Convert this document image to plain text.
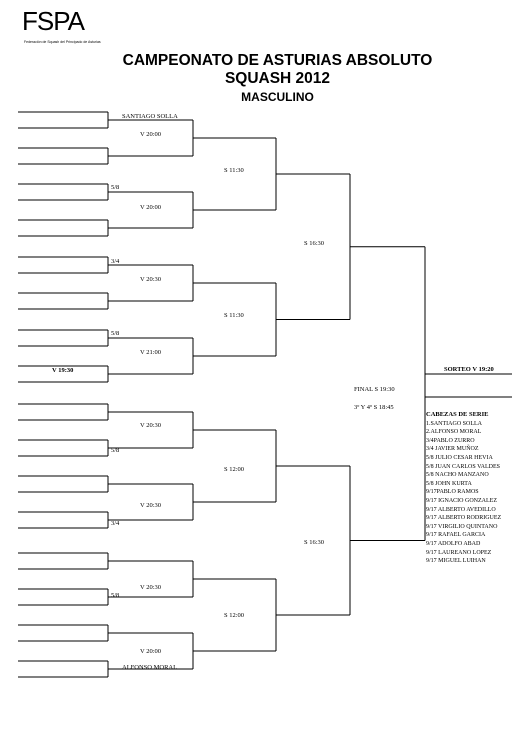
FSPA
Federación de Squash del Principado de Asturias
CAMPEONATO DE ASTURIAS ABSOLUTO
SQUASH 2012
MASCULINO
SANTIAGO SOLLA
5/8
3/4
5/8
V 19:30
5/8
3/4
5/8
ALFONSO MORAL
V 20:00
V 20:00
V 20:30
V 21:00
V 20:30
V 20:30
V 20:30
V 20:00
S 11:30
S 11:30
S 12:00
S 12:00
S 16:30
S 16:30
FINAL S 19:30
3º Y 4º S 18:45
SORTEO V 19:20
CABEZAS DE SERIE
1.SANTIAGO SOLLA
2.ALFONSO MORAL
3/4PABLO ZURRO
3/4 JAVIER MUÑOZ
5/8 JULIO CESAR HEVIA
5/8 JUAN CARLOS VALDES
5/8 NACHO MANZANO
5/8 JOHN KURTA
9/17PABLO RAMOS
9/17 IGNACIO GONZALEZ
9/17 ALBERTO AVEDILLO
9/17 ALBERTO RODRIGUEZ
9/17 VIRGILIO QUINTANO
9/17 RAFAEL GARCIA
9/17 ADOLFO ABAD
9/17 LAUREANO LOPEZ
9/17 MIGUEL LUIHAN
